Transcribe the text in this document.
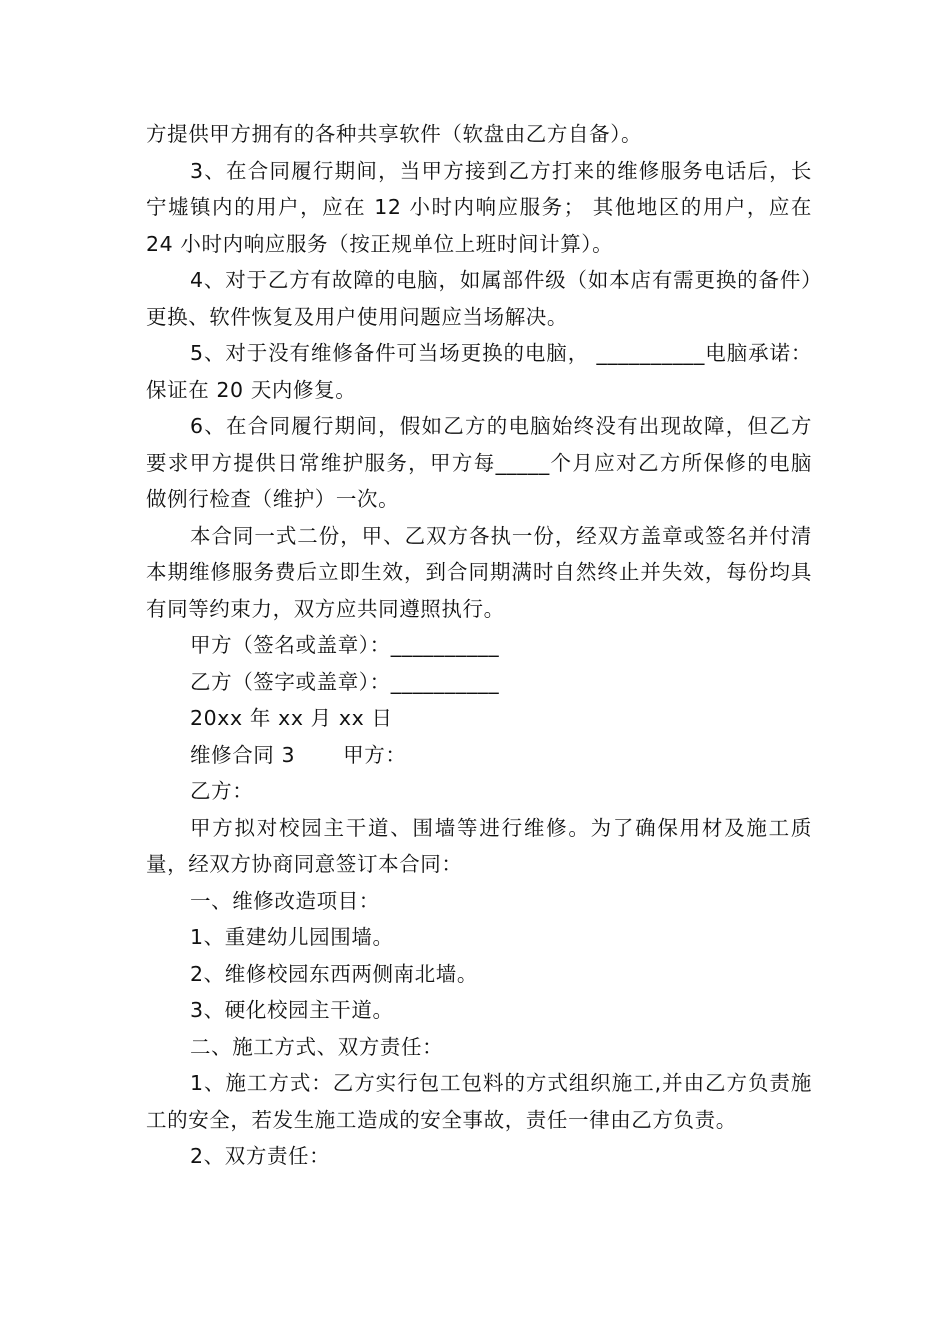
方提供甲方拥有的各种共享软件（软盘由乙方自备）。

3、在合同履行期间，当甲方接到乙方打来的维修服务电话后，长宁墟镇内的用户，应在 12 小时内响应服务； 其他地区的用户，应在 24 小时内响应服务（按正规单位上班时间计算）。

4、对于乙方有故障的电脑，如属部件级（如本店有需更换的备件）更换、软件恢复及用户使用问题应当场解决。

5、对于没有维修备件可当场更换的电脑， __________电脑承诺：保证在 20 天内修复。

6、在合同履行期间，假如乙方的电脑始终没有出现故障，但乙方要求甲方提供日常维护服务，甲方每_____个月应对乙方所保修的电脑做例行检查（维护）一次。

本合同一式二份，甲、乙双方各执一份，经双方盖章或签名并付清本期维修服务费后立即生效，到合同期满时自然终止并失效，每份均具有同等约束力，双方应共同遵照执行。

甲方（签名或盖章）：__________

乙方（签字或盖章）：__________

20xx 年 xx 月 xx 日

维修合同 3 甲方：

乙方：

甲方拟对校园主干道、围墙等进行维修。为了确保用材及施工质量，经双方协商同意签订本合同：

一、维修改造项目：

1、重建幼儿园围墙。

2、维修校园东西两侧南北墙。

3、硬化校园主干道。

二、施工方式、双方责任：

1、施工方式：乙方实行包工包料的方式组织施工,并由乙方负责施工的安全，若发生施工造成的安全事故，责任一律由乙方负责。

2、双方责任：
